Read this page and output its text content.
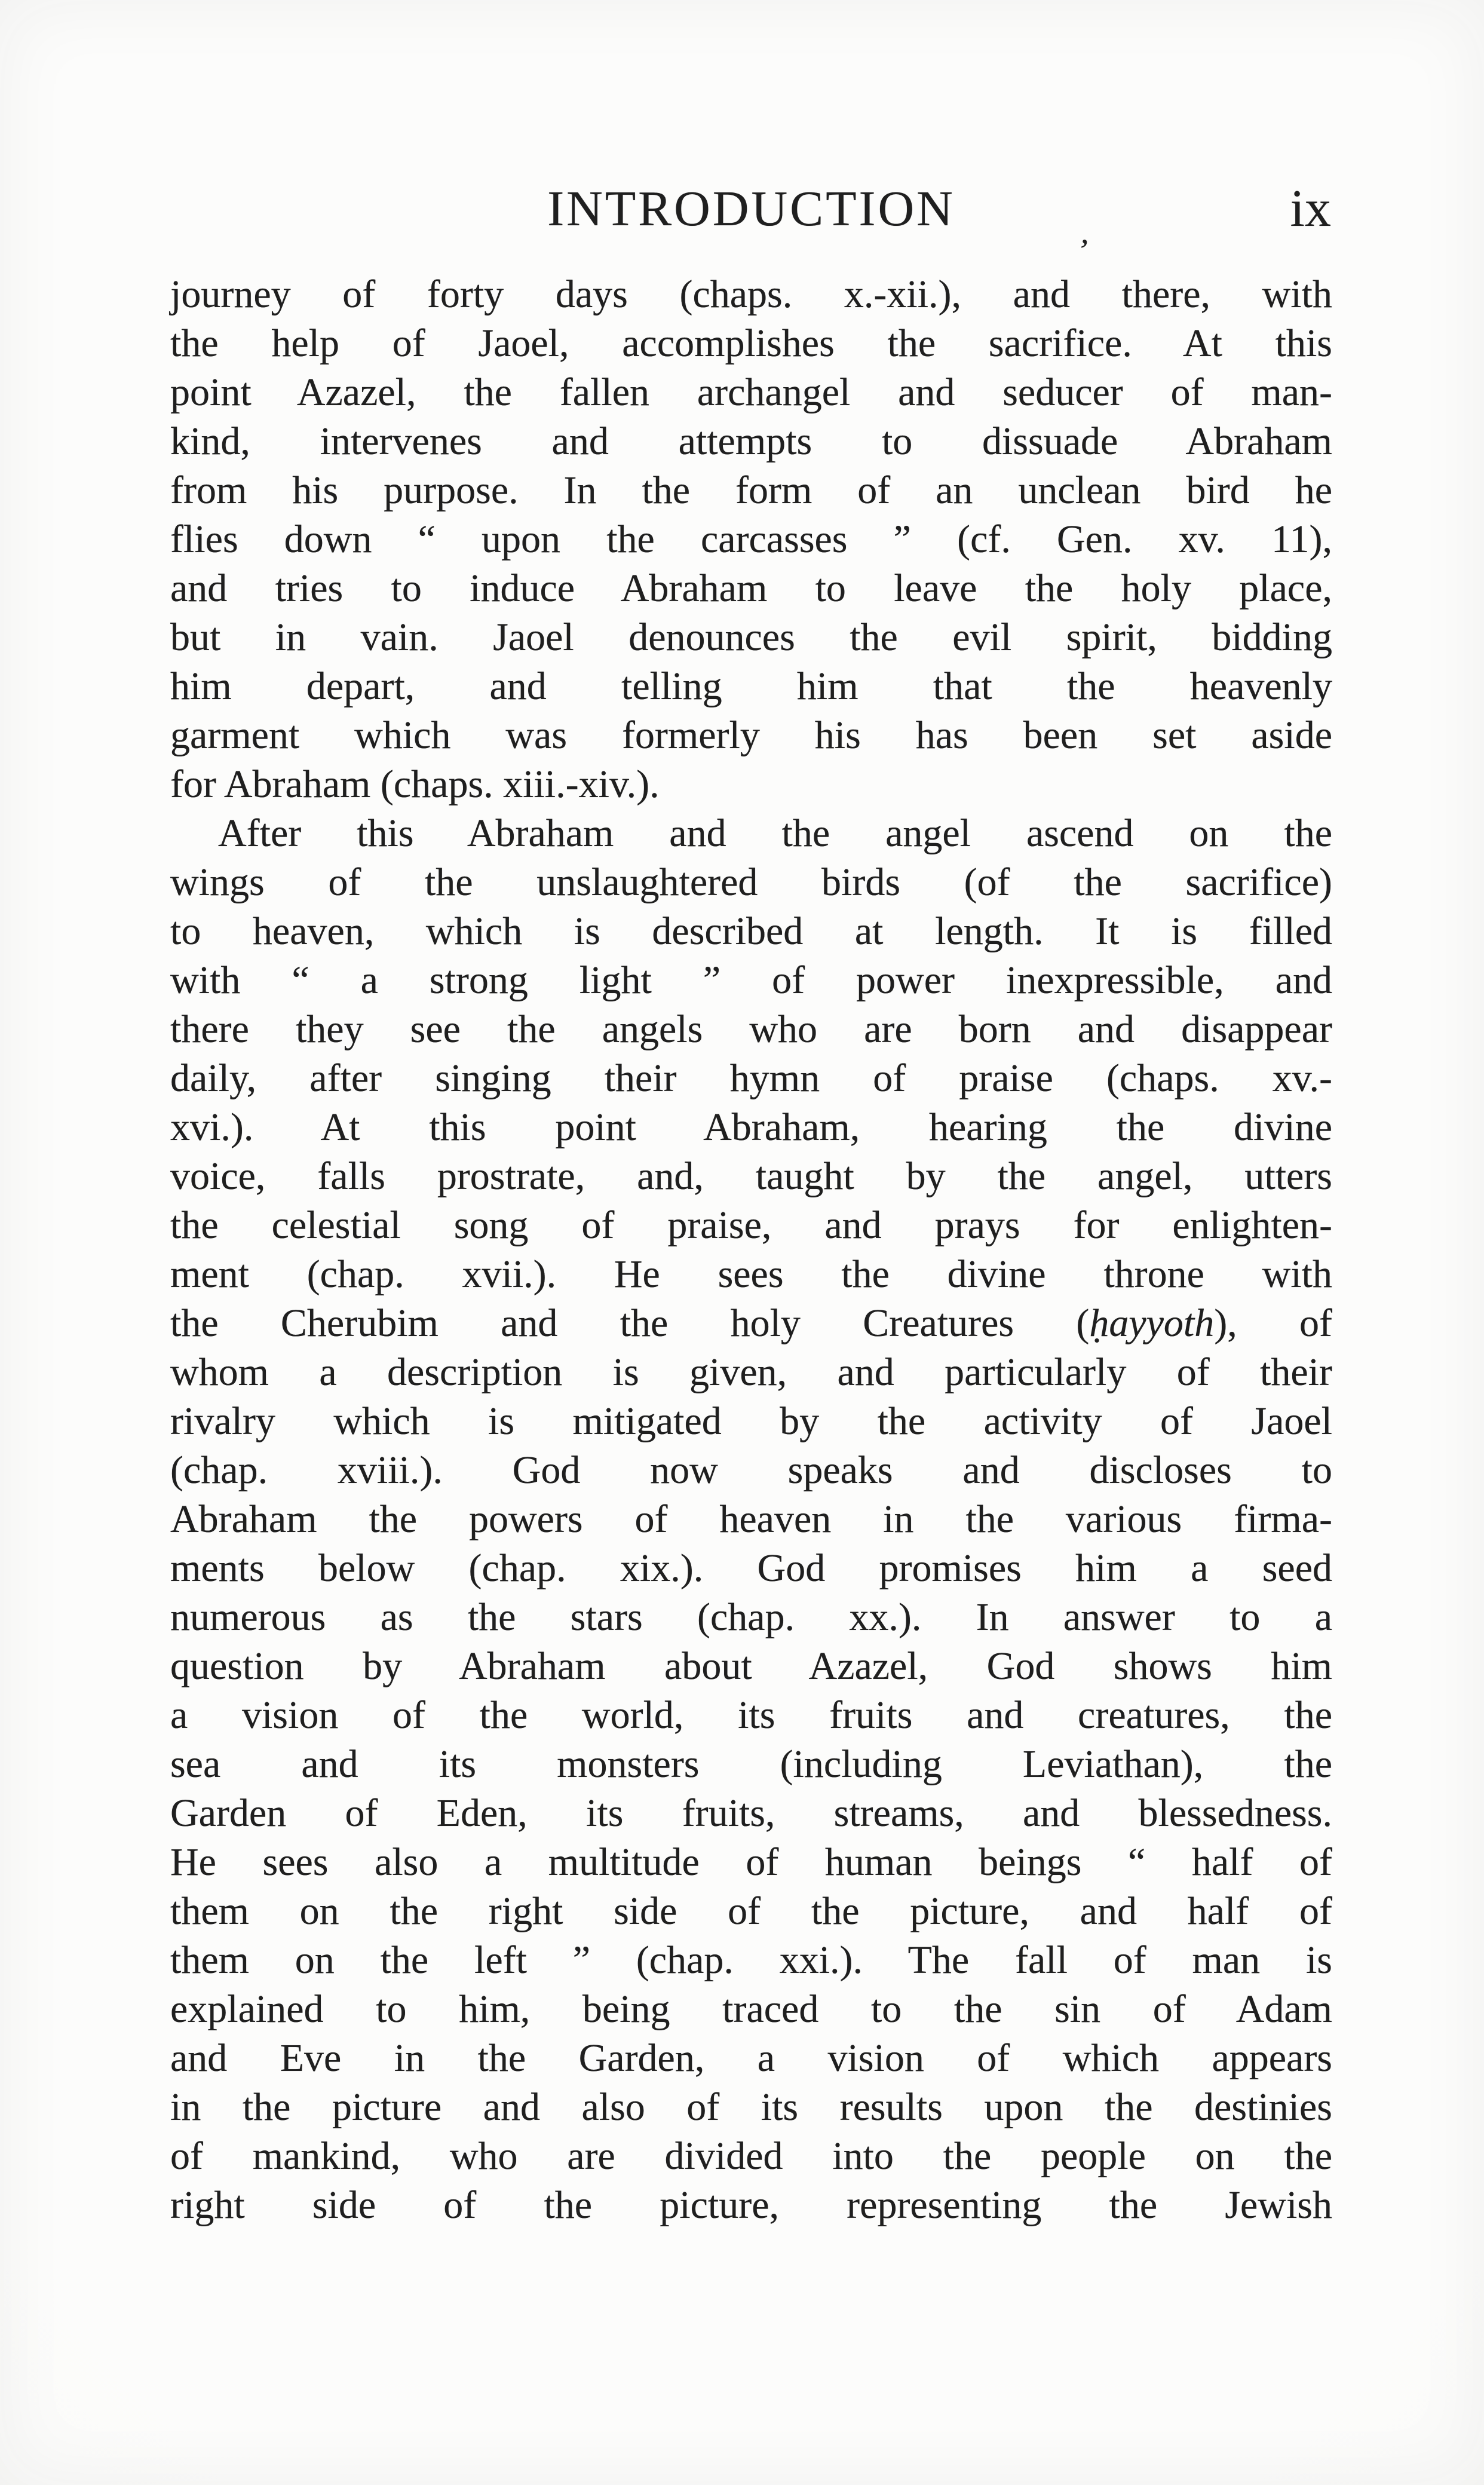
INTRODUCTION	ix
’
journey of forty days (chaps. x.-xii.), and there, with
the help of Jaoel, accomplishes the sacrifice. At this
point Azazel, the fallen archangel and seducer of man-
kind, intervenes and attempts to dissuade Abraham
from his purpose. In the form of an unclean bird he
flies down “ upon the carcasses ” (cf. Gen. xv. 11),
and tries to induce Abraham to leave the holy place,
but in vain. Jaoel denounces the evil spirit, bidding
him depart, and telling him that the heavenly
garment which was formerly his has been set aside
for Abraham (chaps. xiii.-xiv.).
After this Abraham and the angel ascend on the
wings of the unslaughtered birds (of the sacrifice)
to heaven, which is described at length. It is filled
with “ a strong light ” of power inexpressible, and
there they see the angels who are born and disappear
daily, after singing their hymn of praise (chaps. xv.-
xvi.). At this point Abraham, hearing the divine
voice, falls prostrate, and, taught by the angel, utters
the celestial song of praise, and prays for enlighten-
ment (chap. xvii.). He sees the divine throne with
the Cherubim and the holy Creatures (ḥayyoth), of
whom a description is given, and particularly of their
rivalry which is mitigated by the activity of Jaoel
(chap. xviii.). God now speaks and discloses to
Abraham the powers of heaven in the various firma-
ments below (chap. xix.). God promises him a seed
numerous as the stars (chap. xx.). In answer to a
question by Abraham about Azazel, God shows him
a vision of the world, its fruits and creatures, the
sea and its monsters (including Leviathan), the
Garden of Eden, its fruits, streams, and blessedness.
He sees also a multitude of human beings “ half of
them on the right side of the picture, and half of
them on the left ” (chap. xxi.). The fall of man is
explained to him, being traced to the sin of Adam
and Eve in the Garden, a vision of which appears
in the picture and also of its results upon the destinies
of mankind, who are divided into the people on the
right side of the picture, representing the Jewish
